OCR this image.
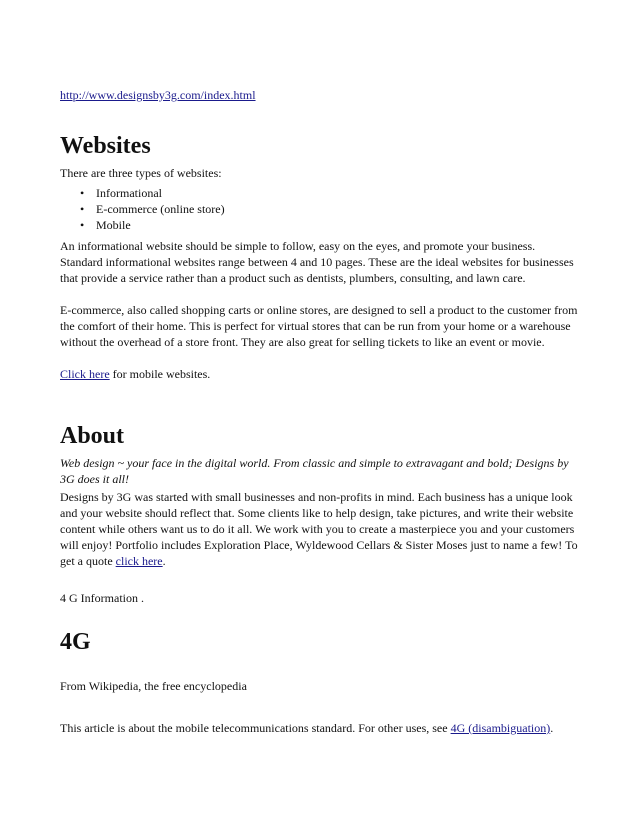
http://www.designsby3g.com/index.html
Websites

There are three types of websites:

• Informational
• E-commerce (online store)
• Mobile

An informational website should be simple to follow, easy on the eyes, and promote your business. Standard informational websites range between 4 and 10 pages. These are the ideal websites for businesses that provide a service rather than a product such as dentists, plumbers, consulting, and lawn care.

E-commerce, also called shopping carts or online stores, are designed to sell a product to the customer from the comfort of their home. This is perfect for virtual stores that can be run from your home or a warehouse without the overhead of a store front. They are also great for selling tickets to like an event or movie.

Click here for mobile websites.

About

Web design ~ your face in the digital world. From classic and simple to extravagant and bold; Designs by 3G does it all!

Designs by 3G was started with small businesses and non-profits in mind. Each business has a unique look and your website should reflect that. Some clients like to help design, take pictures, and write their website content while others want us to do it all. We work with you to create a masterpiece you and your customers will enjoy! Portfolio includes Exploration Place, Wyldewood Cellars & Sister Moses just to name a few! To get a quote click here.

4 G Information .

4G

From Wikipedia, the free encyclopedia

This article is about the mobile telecommunications standard. For other uses, see 4G (disambiguation).
